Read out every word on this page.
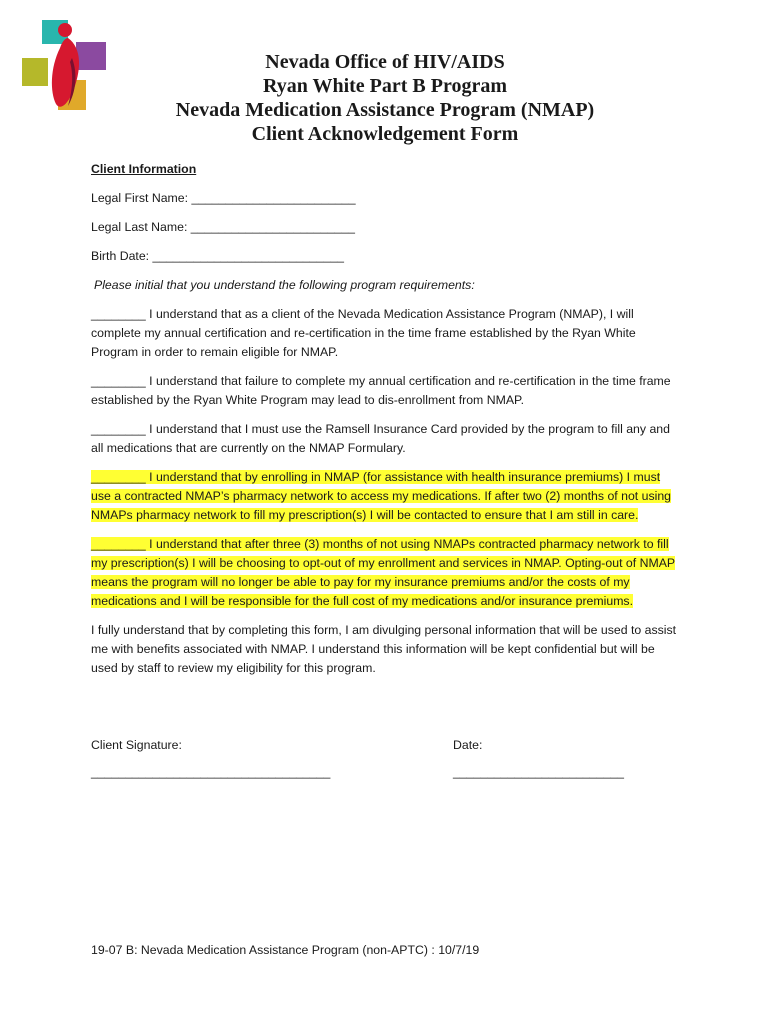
Nevada Office of HIV/AIDS
Ryan White Part B Program
Nevada Medication Assistance Program (NMAP)
Client Acknowledgement Form
Client Information
Legal First Name: ________________________
Legal Last Name: ________________________
Birth Date: ____________________________
Please initial that you understand the following program requirements:
________ I understand that as a client of the Nevada Medication Assistance Program (NMAP), I will complete my annual certification and re-certification in the time frame established by the Ryan White Program in order to remain eligible for NMAP.
________ I understand that failure to complete my annual certification and re-certification in the time frame established by the Ryan White Program may lead to dis-enrollment from NMAP.
________ I understand that I must use the Ramsell Insurance Card provided by the program to fill any and all medications that are currently on the NMAP Formulary.
________ I understand that by enrolling in NMAP (for assistance with health insurance premiums) I must use a contracted NMAP’s pharmacy network to access my medications. If after two (2) months of not using NMAPs pharmacy network to fill my prescription(s) I will be contacted to ensure that I am still in care.
________ I understand that after three (3) months of not using NMAPs contracted pharmacy network to fill my prescription(s) I will be choosing to opt-out of my enrollment and services in NMAP. Opting-out of NMAP means the program will no longer be able to pay for my insurance premiums and/or the costs of my medications and I will be responsible for the full cost of my medications and/or insurance premiums.
I fully understand that by completing this form, I am divulging personal information that will be used to assist me with benefits associated with NMAP. I understand this information will be kept confidential but will be used by staff to review my eligibility for this program.
Client Signature:	Date:
___________________________________	_________________________
19-07 B: Nevada Medication Assistance Program (non-APTC) : 10/7/19
